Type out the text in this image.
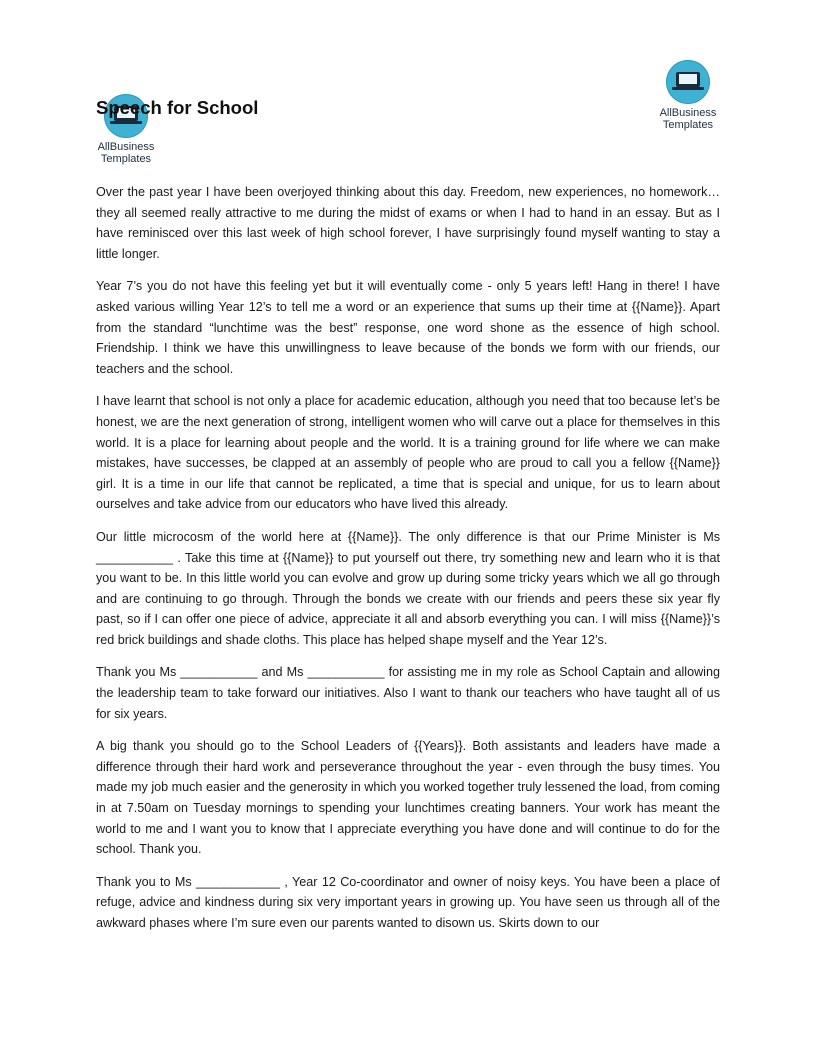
AllBusiness
Templates
AllBusiness
Templates
Speech for School

Over the past year I have been overjoyed thinking about this day. Freedom, new experiences, no homework… they all seemed really attractive to me during the midst of exams or when I had to hand in an essay. But as I have reminisced over this last week of high school forever, I have surprisingly found myself wanting to stay a little longer.

Year 7’s you do not have this feeling yet but it will eventually come - only 5 years left! Hang in there! I have asked various willing Year 12’s to tell me a word or an experience that sums up their time at {{Name}}. Apart from the standard “lunchtime was the best” response, one word shone as the essence of high school. Friendship. I think we have this unwillingness to leave because of the bonds we form with our friends, our teachers and the school.

I have learnt that school is not only a place for academic education, although you need that too because let’s be honest, we are the next generation of strong, intelligent women who will carve out a place for themselves in this world. It is a place for learning about people and the world. It is a training ground for life where we can make mistakes, have successes, be clapped at an assembly of people who are proud to call you a fellow {{Name}} girl. It is a time in our life that cannot be replicated, a time that is special and unique, for us to learn about ourselves and take advice from our educators who have lived this already.

Our little microcosm of the world here at {{Name}}. The only difference is that our Prime Minister is Ms ___________ . Take this time at {{Name}} to put yourself out there, try something new and learn who it is that you want to be. In this little world you can evolve and grow up during some tricky years which we all go through and are continuing to go through. Through the bonds we create with our friends and peers these six year fly past, so if I can offer one piece of advice, appreciate it all and absorb everything you can. I will miss {{Name}}’s red brick buildings and shade cloths. This place has helped shape myself and the Year 12’s.

Thank you Ms ___________ and Ms ___________ for assisting me in my role as School Captain and allowing the leadership team to take forward our initiatives. Also I want to thank our teachers who have taught all of us for six years.

A big thank you should go to the School Leaders of {{Years}}. Both assistants and leaders have made a difference through their hard work and perseverance throughout the year - even through the busy times. You made my job much easier and the generosity in which you worked together truly lessened the load, from coming in at 7.50am on Tuesday mornings to spending your lunchtimes creating banners. Your work has meant the world to me and I want you to know that I appreciate everything you have done and will continue to do for the school. Thank you.

Thank you to Ms ____________ , Year 12 Co-coordinator and owner of noisy keys. You have been a place of refuge, advice and kindness during six very important years in growing up. You have seen us through all of the awkward phases where I’m sure even our parents wanted to disown us. Skirts down to our
